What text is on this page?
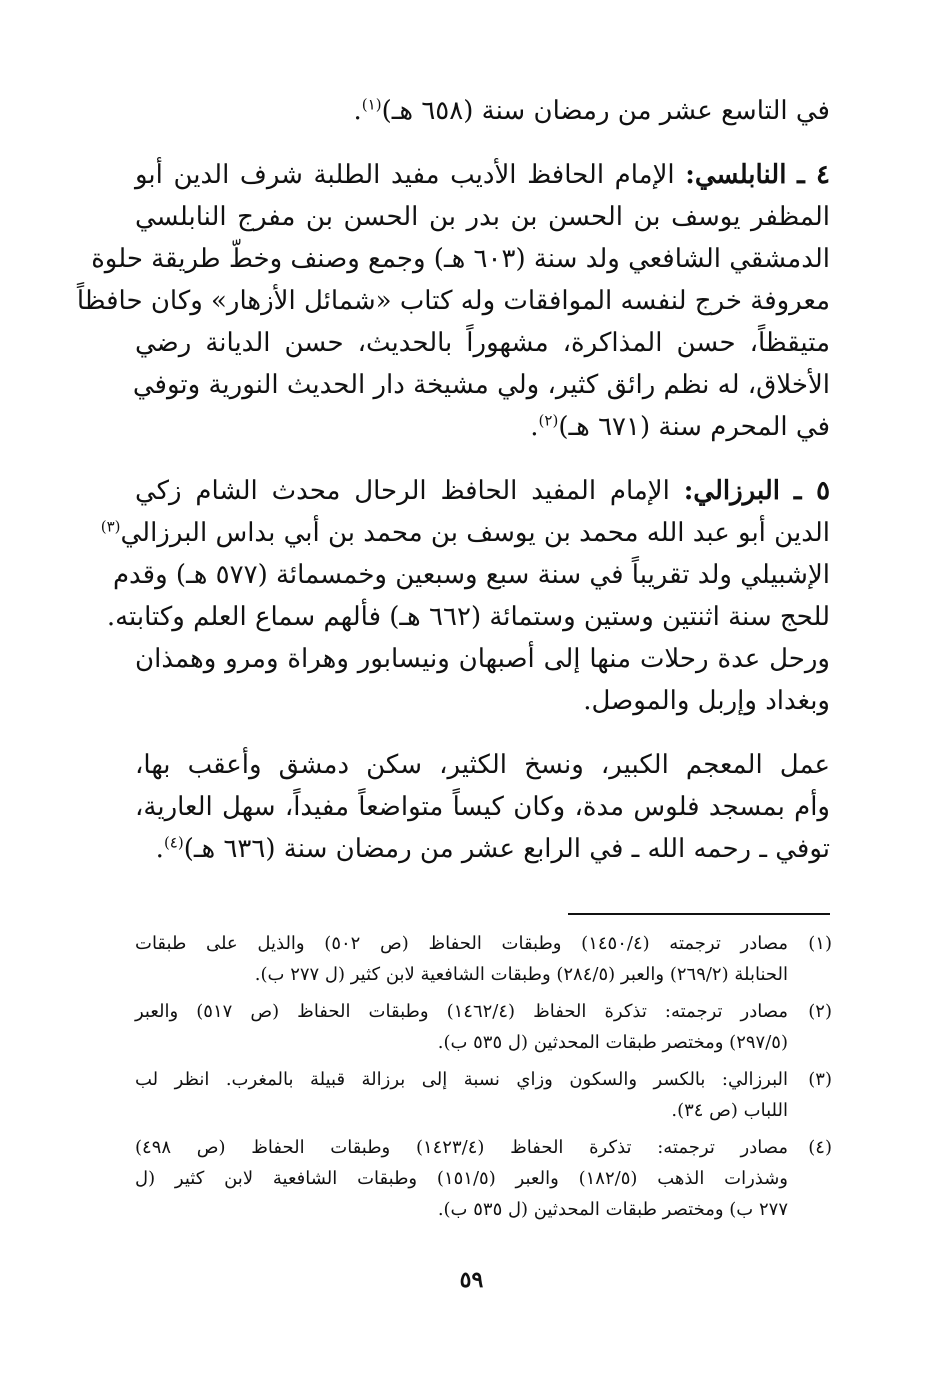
في التاسع عشر من رمضان سنة (٦٥٨ هـ)$^{(١)}$.
٤ ـ النابلسي: الإمام الحافظ الأديب مفيد الطلبة شرف الدين أبو
المظفر يوسف بن الحسن بن بدر بن الحسن بن مفرج النابلسي
الدمشقي الشافعي ولد سنة (٦٠٣ هـ) وجمع وصنف وخطّ طريقة حلوة
معروفة خرج لنفسه الموافقات وله كتاب «شمائل الأزهار» وكان حافظاً
متيقظاً، حسن المذاكرة، مشهوراً بالحديث، حسن الديانة رضي
الأخلاق، له نظم رائق كثير، ولي مشيخة دار الحديث النورية وتوفي
في المحرم سنة (٦٧١ هـ)$^{(٢)}$.
٥ ـ البرزالي: الإمام المفيد الحافظ الرحال محدث الشام زكي
الدين أبو عبد الله محمد بن يوسف بن محمد بن أبي بداس البرزالي$^{(٣)}$
الإشبيلي ولد تقريباً في سنة سبع وسبعين وخمسمائة (٥٧٧ هـ) وقدم
للحج سنة اثنتين وستين وستمائة (٦٦٢ هـ) فألهم سماع العلم وكتابته.
ورحل عدة رحلات منها إلى أصبهان ونيسابور وهراة ومرو وهمذان
وبغداد وإربل والموصل.
عمل المعجم الكبير، ونسخ الكثير، سكن دمشق وأعقب بها،
وأم بمسجد فلوس مدة، وكان كيساً متواضعاً مفيداً، سهل العارية،
توفي ـ رحمه الله ـ في الرابع عشر من رمضان سنة (٦٣٦ هـ)$^{(٤)}$.
(١)
مصادر ترجمته (١٤٥٠/٤) وطبقات الحفاظ (ص ٥٠٢) والذيل على طبقات
الحنابلة (٢٦٩/٢) والعبر (٢٨٤/٥) وطبقات الشافعية لابن كثير (ل ٢٧٧ ب).
(٢)
مصادر ترجمته: تذكرة الحفاظ (١٤٦٢/٤) وطبقات الحفاظ (ص ٥١٧) والعبر
(٢٩٧/٥) ومختصر طبقات المحدثين (ل ٥٣٥ ب).
(٣)
البرزالي: بالكسر والسكون وزاي نسبة إلى برزالة قبيلة بالمغرب. انظر لب
اللباب (ص ٣٤).
(٤)
مصادر ترجمته: تذكرة الحفاظ (١٤٢٣/٤) وطبقات الحفاظ (ص ٤٩٨)
وشذرات الذهب (١٨٢/٥) والعبر (١٥١/٥) وطبقات الشافعية لابن كثير (ل
٢٧٧ ب) ومختصر طبقات المحدثين (ل ٥٣٥ ب).
٥٩
